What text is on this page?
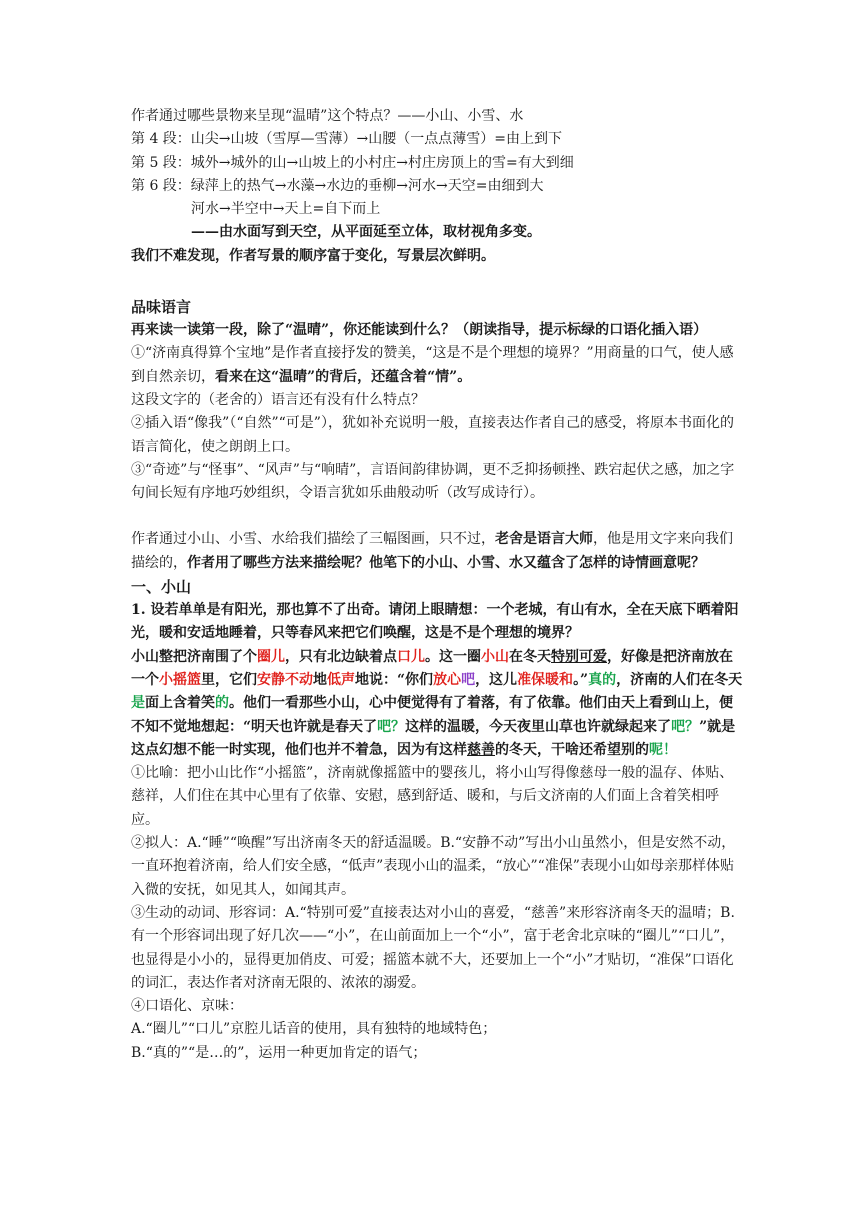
作者通过哪些景物来呈现“温晴”这个特点？——小山、小雪、水

第 4 段：山尖→山坡（雪厚—雪薄）→山腰（一点点薄雪）=由上到下

第 5 段：城外→城外的山→山坡上的小村庄→村庄房顶上的雪=有大到细

第 6 段：绿萍上的热气→水藻→水边的垂柳→河水→天空=由细到大

河水→半空中→天上=自下而上

——由水面写到天空，从平面延至立体，取材视角多变。

我们不难发现，作者写景的顺序富于变化，写景层次鲜明。

品味语言

再来读一读第一段，除了“温晴”，你还能读到什么？（朗读指导，提示标绿的口语化插入语）

①“济南真得算个宝地”是作者直接抒发的赞美，“这是不是个理想的境界？”用商量的口气，使人感到自然亲切，看来在这“温晴”的背后，还蕴含着“情”。

这段文字的（老舍的）语言还有没有什么特点？

②插入语“像我”（“自然”“可是”），犹如补充说明一般，直接表达作者自己的感受，将原本书面化的语言简化，使之朗朗上口。

③“奇迹”与“怪事”、“风声”与“响晴”，言语间韵律协调，更不乏抑扬顿挫、跌宕起伏之感，加之字句间长短有序地巧妙组织，令语言犹如乐曲般动听（改写成诗行）。

作者通过小山、小雪、水给我们描绘了三幅图画，只不过，老舍是语言大师，他是用文字来向我们描绘的，作者用了哪些方法来描绘呢？他笔下的小山、小雪、水又蕴含了怎样的诗情画意呢？

一、小山

1. 设若单单是有阳光，那也算不了出奇。请闭上眼睛想：一个老城，有山有水，全在天底下晒着阳光，暖和安适地睡着，只等春风来把它们唤醒，这是不是个理想的境界？

小山整把济南围了个圈儿，只有北边缺着点口儿。这一圈小山在冬天特别可爱，好像是把济南放在一个小摇篮里，它们安静不动地低声地说：“你们放心吧，这儿准保暖和。”真的，济南的人们在冬天是面上含着笑的。他们一看那些小山，心中便觉得有了着落，有了依靠。他们由天上看到山上，便不知不觉地想起：“明天也许就是春天了吧？这样的温暖，今天夜里山草也许就绿起来了吧？”就是这点幻想不能一时实现，他们也并不着急，因为有这样慈善的冬天，干啥还希望别的呢！

①比喻：把小山比作“小摇篮”，济南就像摇篮中的婴孩儿，将小山写得像慈母一般的温存、体贴、慈祥，人们住在其中心里有了依靠、安慰，感到舒适、暖和，与后文济南的人们面上含着笑相呼应。

②拟人：A.“睡”“唤醒”写出济南冬天的舒适温暖。B.“安静不动”写出小山虽然小，但是安然不动，一直环抱着济南，给人们安全感，“低声”表现小山的温柔，“放心”“准保”表现小山如母亲那样体贴入微的安抚，如见其人，如闻其声。

③生动的动词、形容词：A.“特别可爱”直接表达对小山的喜爱，“慈善”来形容济南冬天的温晴；B.有一个形容词出现了好几次——“小”，在山前面加上一个“小”，富于老舍北京味的“圈儿”“口儿”，也显得是小小的，显得更加俏皮、可爱；摇篮本就不大，还要加上一个“小”才贴切，“准保”口语化的词汇，表达作者对济南无限的、浓浓的溺爱。

④口语化、京味：

A.“圈儿”“口儿”京腔儿话音的使用，具有独特的地域特色；

B.“真的”“是…的”，运用一种更加肯定的语气；
